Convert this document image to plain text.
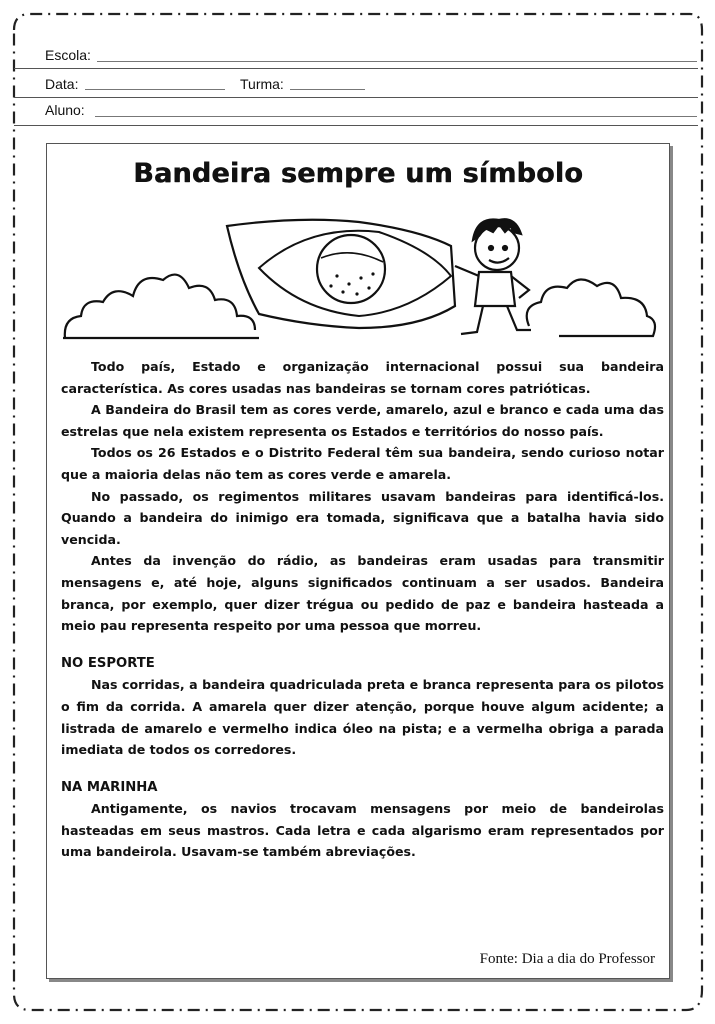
Escola:
Data:	Turma:
Aluno:
Bandeira sempre um símbolo

Todo país, Estado e organização internacional possui sua bandeira característica. As cores usadas nas bandeiras se tornam cores patrióticas.

A Bandeira do Brasil tem as cores verde, amarelo, azul e branco e cada uma das estrelas que nela existem representa os Estados e territórios do nosso país.

Todos os 26 Estados e o Distrito Federal têm sua bandeira, sendo curioso notar que a maioria delas não tem as cores verde e amarela.

No passado, os regimentos militares usavam bandeiras para identificá-los. Quando a bandeira do inimigo era tomada, significava que a batalha havia sido vencida.

Antes da invenção do rádio, as bandeiras eram usadas para transmitir mensagens e, até hoje, alguns significados continuam a ser usados. Bandeira branca, por exemplo, quer dizer trégua ou pedido de paz e bandeira hasteada a meio pau representa respeito por uma pessoa que morreu.

NO ESPORTE

Nas corridas, a bandeira quadriculada preta e branca representa para os pilotos o fim da corrida. A amarela quer dizer atenção, porque houve algum acidente; a listrada de amarelo e vermelho indica óleo na pista; e a vermelha obriga a parada imediata de todos os corredores.

NA MARINHA

Antigamente, os navios trocavam mensagens por meio de bandeirolas hasteadas em seus mastros. Cada letra e cada algarismo eram representados por uma bandeirola. Usavam-se também abreviações.

Fonte: Dia a dia do Professor
